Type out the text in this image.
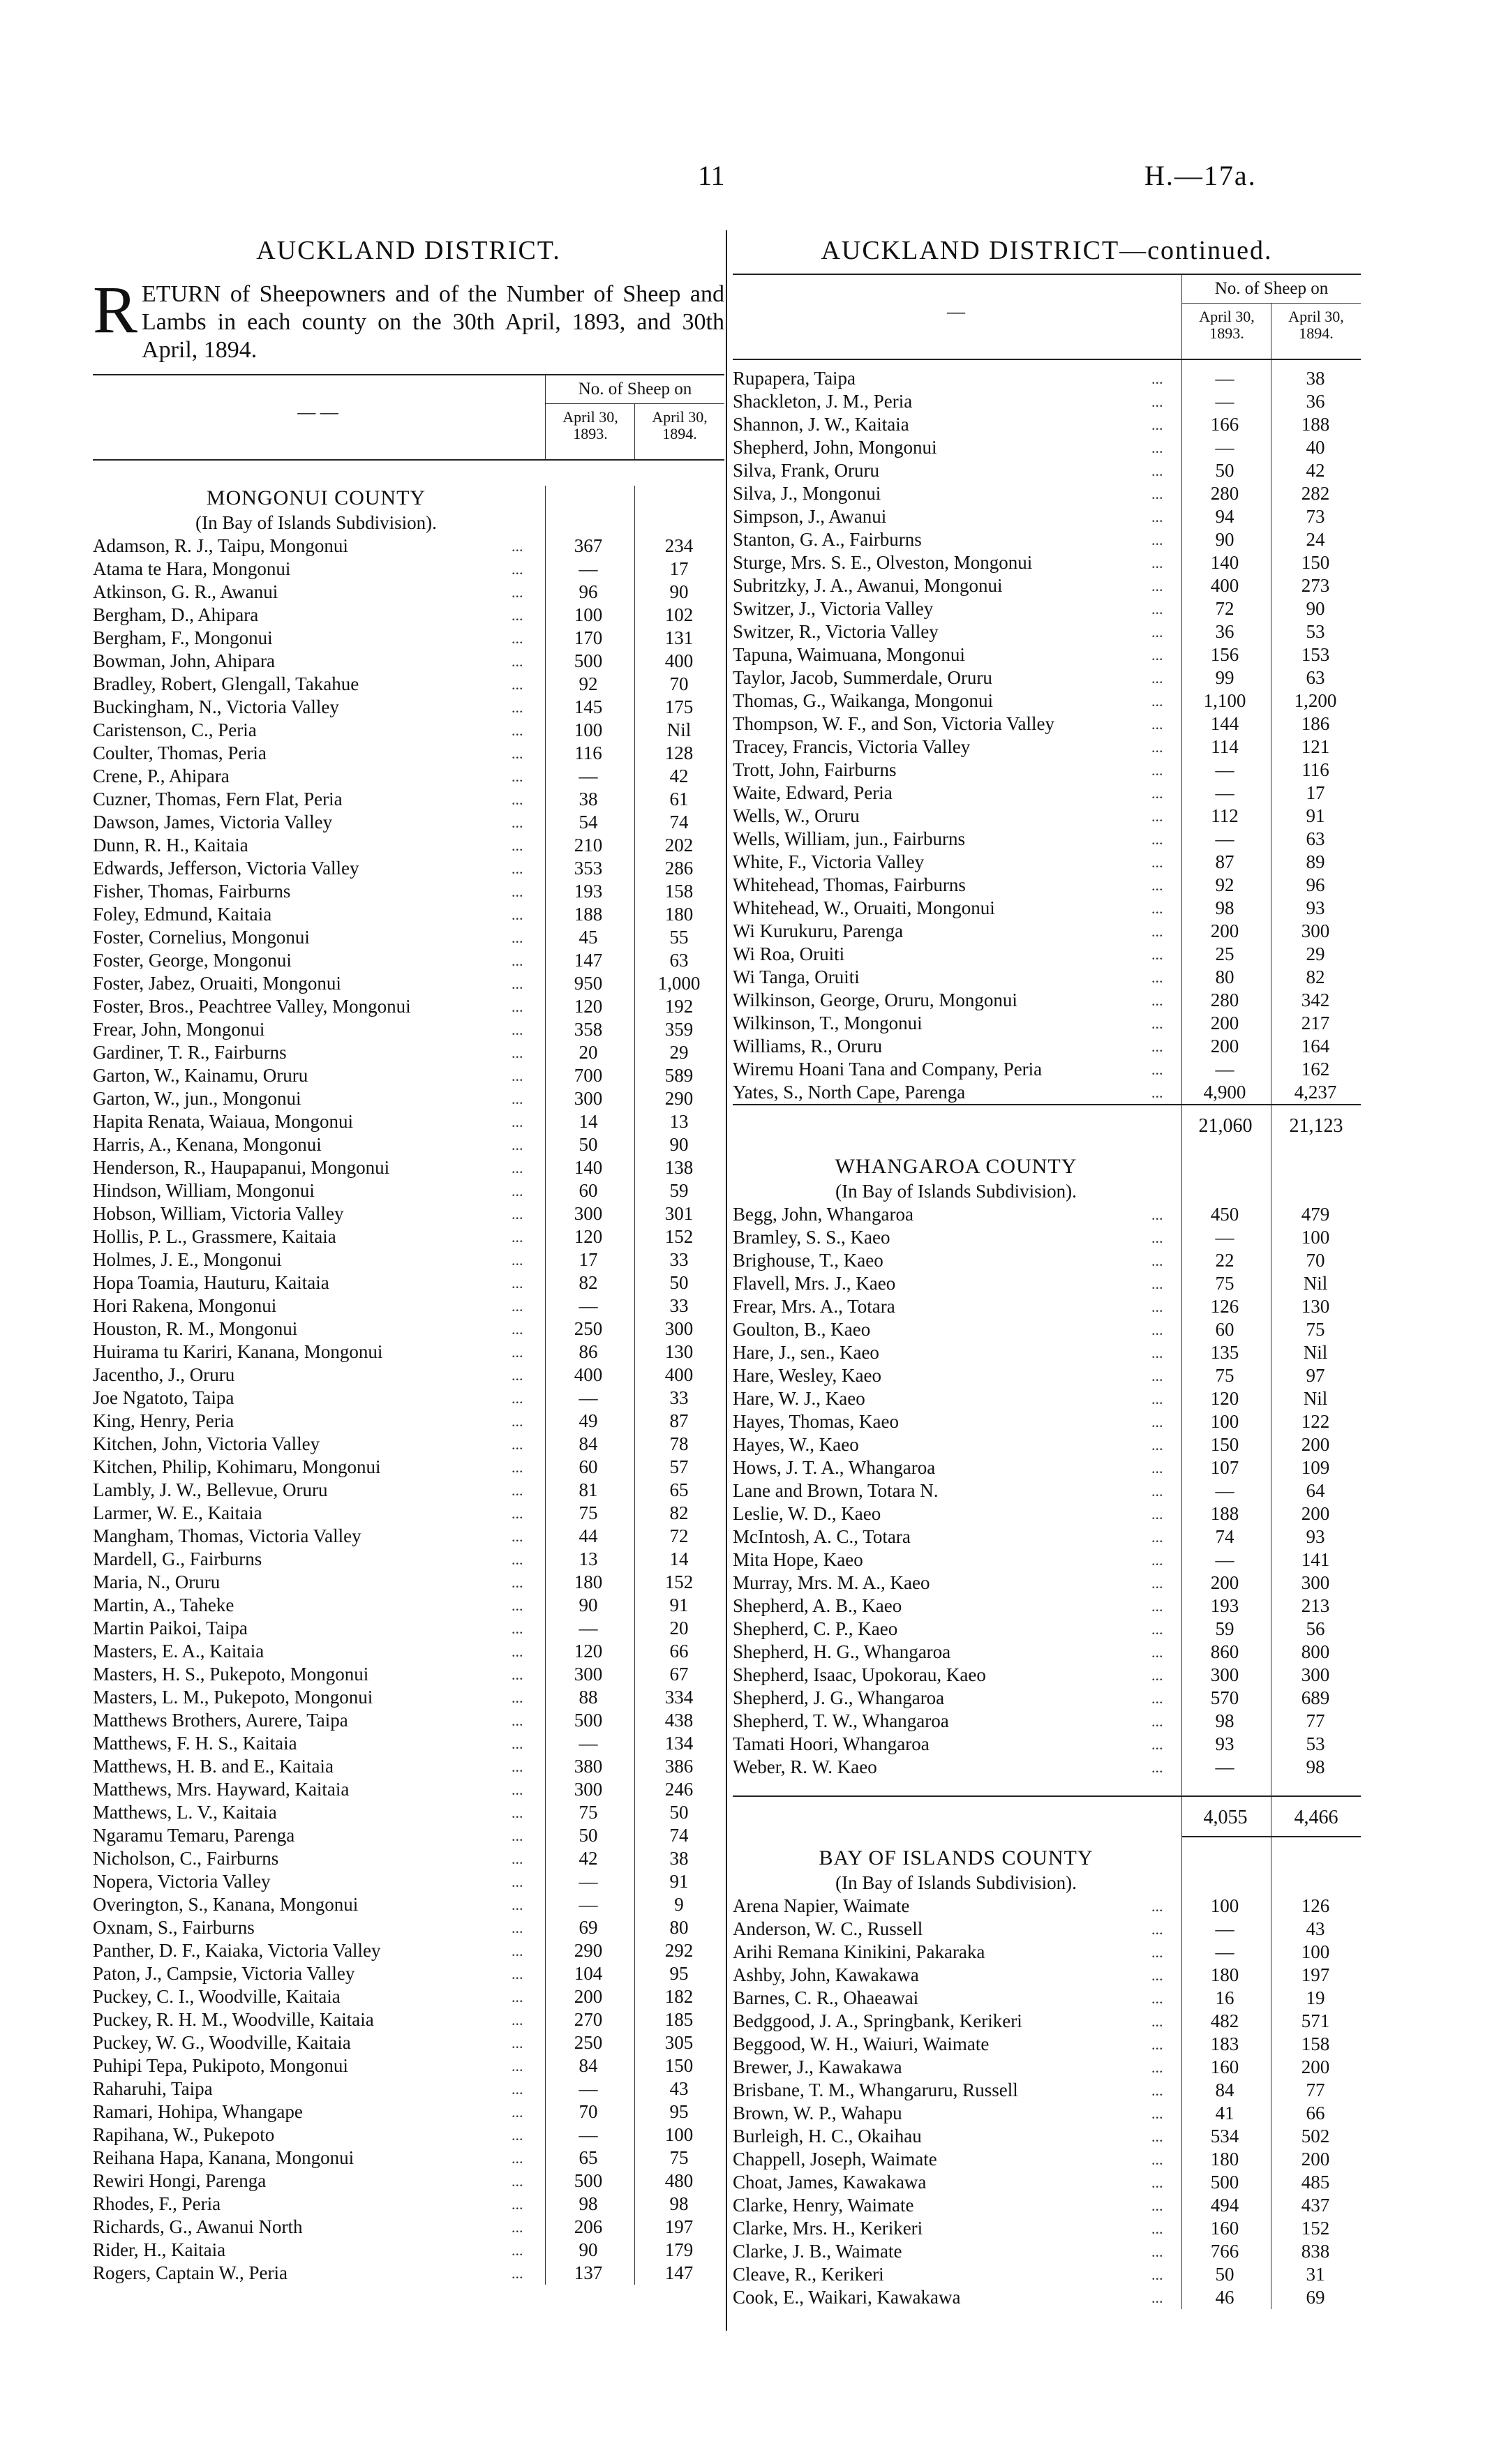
11	H.—17a.
AUCKLAND DISTRICT.
R ETURN of Sheepowners and of the Number of Sheep and Lambs in each county on the 30th April, 1893, and 30th April, 1894.
— —
No. of Sheep on
April 30, 1893.
April 30, 1894.
MONGONUI COUNTY
(In Bay of Islands Subdivision).
Adamson, R. J., Taipu, Mongonui	...	367	234
Atama te Hara, Mongonui	...	—	17
Atkinson, G. R., Awanui	...	96	90
Bergham, D., Ahipara	...	100	102
Bergham, F., Mongonui	...	170	131
Bowman, John, Ahipara	...	500	400
Bradley, Robert, Glengall, Takahue	...	92	70
Buckingham, N., Victoria Valley	...	145	175
Caristenson, C., Peria	...	100	Nil
Coulter, Thomas, Peria	...	116	128
Crene, P., Ahipara	...	—	42
Cuzner, Thomas, Fern Flat, Peria	...	38	61
Dawson, James, Victoria Valley	...	54	74
Dunn, R. H., Kaitaia	...	210	202
Edwards, Jefferson, Victoria Valley	...	353	286
Fisher, Thomas, Fairburns	...	193	158
Foley, Edmund, Kaitaia	...	188	180
Foster, Cornelius, Mongonui	...	45	55
Foster, George, Mongonui	...	147	63
Foster, Jabez, Oruaiti, Mongonui	...	950	1,000
Foster, Bros., Peachtree Valley, Mongonui	...	120	192
Frear, John, Mongonui	...	358	359
Gardiner, T. R., Fairburns	...	20	29
Garton, W., Kainamu, Oruru	...	700	589
Garton, W., jun., Mongonui	...	300	290
Hapita Renata, Waiaua, Mongonui	...	14	13
Harris, A., Kenana, Mongonui	...	50	90
Henderson, R., Haupapanui, Mongonui	...	140	138
Hindson, William, Mongonui	...	60	59
Hobson, William, Victoria Valley	...	300	301
Hollis, P. L., Grassmere, Kaitaia	...	120	152
Holmes, J. E., Mongonui	...	17	33
Hopa Toamia, Hauturu, Kaitaia	...	82	50
Hori Rakena, Mongonui	...	—	33
Houston, R. M., Mongonui	...	250	300
Huirama tu Kariri, Kanana, Mongonui	...	86	130
Jacentho, J., Oruru	...	400	400
Joe Ngatoto, Taipa	...	—	33
King, Henry, Peria	...	49	87
Kitchen, John, Victoria Valley	...	84	78
Kitchen, Philip, Kohimaru, Mongonui	...	60	57
Lambly, J. W., Bellevue, Oruru	...	81	65
Larmer, W. E., Kaitaia	...	75	82
Mangham, Thomas, Victoria Valley	...	44	72
Mardell, G., Fairburns	...	13	14
Maria, N., Oruru	...	180	152
Martin, A., Taheke	...	90	91
Martin Paikoi, Taipa	...	—	20
Masters, E. A., Kaitaia	...	120	66
Masters, H. S., Pukepoto, Mongonui	...	300	67
Masters, L. M., Pukepoto, Mongonui	...	88	334
Matthews Brothers, Aurere, Taipa	...	500	438
Matthews, F. H. S., Kaitaia	...	—	134
Matthews, H. B. and E., Kaitaia	...	380	386
Matthews, Mrs. Hayward, Kaitaia	...	300	246
Matthews, L. V., Kaitaia	...	75	50
Ngaramu Temaru, Parenga	...	50	74
Nicholson, C., Fairburns	...	42	38
Nopera, Victoria Valley	...	—	91
Overington, S., Kanana, Mongonui	...	—	9
Oxnam, S., Fairburns	...	69	80
Panther, D. F., Kaiaka, Victoria Valley	...	290	292
Paton, J., Campsie, Victoria Valley	...	104	95
Puckey, C. I., Woodville, Kaitaia	...	200	182
Puckey, R. H. M., Woodville, Kaitaia	...	270	185
Puckey, W. G., Woodville, Kaitaia	...	250	305
Puhipi Tepa, Pukipoto, Mongonui	...	84	150
Raharuhi, Taipa	...	—	43
Ramari, Hohipa, Whangape	...	70	95
Rapihana, W., Pukepoto	...	—	100
Reihana Hapa, Kanana, Mongonui	...	65	75
Rewiri Hongi, Parenga	...	500	480
Rhodes, F., Peria	...	98	98
Richards, G., Awanui North	...	206	197
Rider, H., Kaitaia	...	90	179
Rogers, Captain W., Peria	...	137	147
AUCKLAND DISTRICT—continued.
—
No. of Sheep on
April 30, 1893.
April 30, 1894.
Rupapera, Taipa	...	—	38
Shackleton, J. M., Peria	...	—	36
Shannon, J. W., Kaitaia	...	166	188
Shepherd, John, Mongonui	...	—	40
Silva, Frank, Oruru	...	50	42
Silva, J., Mongonui	...	280	282
Simpson, J., Awanui	...	94	73
Stanton, G. A., Fairburns	...	90	24
Sturge, Mrs. S. E., Olveston, Mongonui	...	140	150
Subritzky, J. A., Awanui, Mongonui	...	400	273
Switzer, J., Victoria Valley	...	72	90
Switzer, R., Victoria Valley	...	36	53
Tapuna, Waimuana, Mongonui	...	156	153
Taylor, Jacob, Summerdale, Oruru	...	99	63
Thomas, G., Waikanga, Mongonui	...	1,100	1,200
Thompson, W. F., and Son, Victoria Valley	...	144	186
Tracey, Francis, Victoria Valley	...	114	121
Trott, John, Fairburns	...	—	116
Waite, Edward, Peria	...	—	17
Wells, W., Oruru	...	112	91
Wells, William, jun., Fairburns	...	—	63
White, F., Victoria Valley	...	87	89
Whitehead, Thomas, Fairburns	...	92	96
Whitehead, W., Oruaiti, Mongonui	...	98	93
Wi Kurukuru, Parenga	...	200	300
Wi Roa, Oruiti	...	25	29
Wi Tanga, Oruiti	...	80	82
Wilkinson, George, Oruru, Mongonui	...	280	342
Wilkinson, T., Mongonui	...	200	217
Williams, R., Oruru	...	200	164
Wiremu Hoani Tana and Company, Peria	...	—	162
Yates, S., North Cape, Parenga	...	4,900	4,237
21,060	21,123
WHANGAROA COUNTY
(In Bay of Islands Subdivision).
Begg, John, Whangaroa	...	450	479
Bramley, S. S., Kaeo	...	—	100
Brighouse, T., Kaeo	...	22	70
Flavell, Mrs. J., Kaeo	...	75	Nil
Frear, Mrs. A., Totara	...	126	130
Goulton, B., Kaeo	...	60	75
Hare, J., sen., Kaeo	...	135	Nil
Hare, Wesley, Kaeo	...	75	97
Hare, W. J., Kaeo	...	120	Nil
Hayes, Thomas, Kaeo	...	100	122
Hayes, W., Kaeo	...	150	200
Hows, J. T. A., Whangaroa	...	107	109
Lane and Brown, Totara N.	...	—	64
Leslie, W. D., Kaeo	...	188	200
McIntosh, A. C., Totara	...	74	93
Mita Hope, Kaeo	...	—	141
Murray, Mrs. M. A., Kaeo	...	200	300
Shepherd, A. B., Kaeo	...	193	213
Shepherd, C. P., Kaeo	...	59	56
Shepherd, H. G., Whangaroa	...	860	800
Shepherd, Isaac, Upokorau, Kaeo	...	300	300
Shepherd, J. G., Whangaroa	...	570	689
Shepherd, T. W., Whangaroa	...	98	77
Tamati Hoori, Whangaroa	...	93	53
Weber, R. W. Kaeo	...	—	98
4,055	4,466
BAY OF ISLANDS COUNTY
(In Bay of Islands Subdivision).
Arena Napier, Waimate	...	100	126
Anderson, W. C., Russell	...	—	43
Arihi Remana Kinikini, Pakaraka	...	—	100
Ashby, John, Kawakawa	...	180	197
Barnes, C. R., Ohaeawai	...	16	19
Bedggood, J. A., Springbank, Kerikeri	...	482	571
Beggood, W. H., Waiuri, Waimate	...	183	158
Brewer, J., Kawakawa	...	160	200
Brisbane, T. M., Whangaruru, Russell	...	84	77
Brown, W. P., Wahapu	...	41	66
Burleigh, H. C., Okaihau	...	534	502
Chappell, Joseph, Waimate	...	180	200
Choat, James, Kawakawa	...	500	485
Clarke, Henry, Waimate	...	494	437
Clarke, Mrs. H., Kerikeri	...	160	152
Clarke, J. B., Waimate	...	766	838
Cleave, R., Kerikeri	...	50	31
Cook, E., Waikari, Kawakawa	...	46	69
